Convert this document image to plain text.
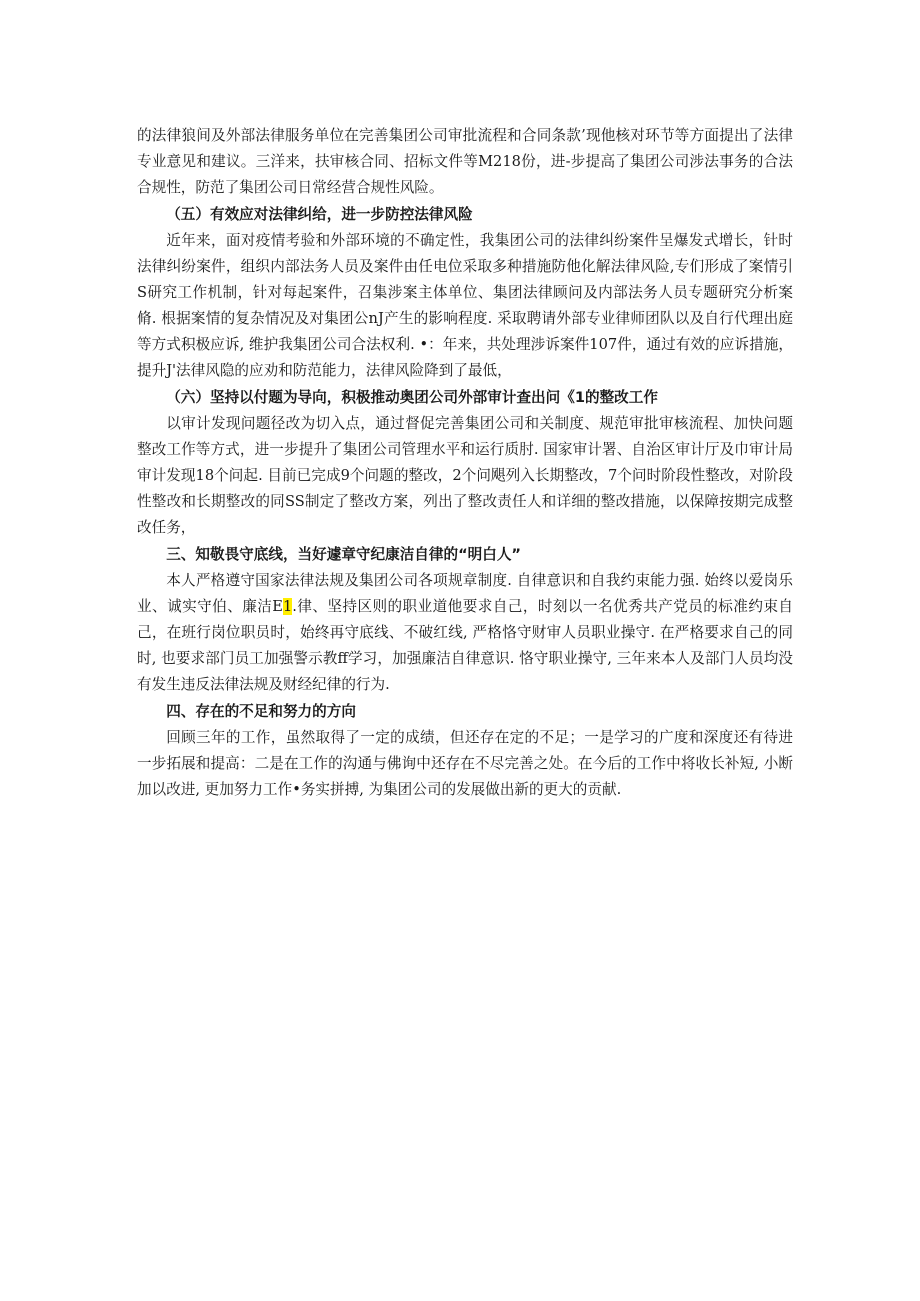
的法律狼间及外部法律服务单位在完善集团公司审批流程和合同条款’现他核对环节等方面提出了法律专业意见和建议。三洋来，扶审核合同、招标文件等M218份，进-步提高了集团公司涉法事务的合法合规性，防范了集团公司日常经营合规性风险。

（五）有效应对法律纠给，进一步防控法律风险

近年来，面对疫情考验和外部环境的不确定性，我集团公司的法律纠纷案件呈爆发式增长，针时法律纠纷案件，组织内部法务人员及案件由任电位采取多种措施防他化解法律风险,专们形成了案情引S研究工作机制，针对每起案件，召集涉案主体单位、集团法律顾问及内部法务人员专题研究分析案脩. 根据案情的复杂情况及对集团公nJ产生的影响程度. 采取聘请外部专业律师团队以及自行代理出庭等方式积极应诉, 维护我集团公司合法权利. •：年来，共处理涉诉案件107件，通过有效的应诉措施，提升J'法律风隐的应劝和防范能力，法律风险降到了最低，

（六）坚持以付题为导向，积极推动奥团公司外部审计查出问《1的整改工作

以审计发现问题径改为切入点，通过督促完善集团公司和关制度、规范审批审核流程、加快问题整改工作等方式，进一步提升了集团公司管理水平和运行质肘. 国家审计署、自治区审计厅及巾审计局审计发现18个问起. 目前已完成9个问题的整改，2个问飓列入长期整改，7个问时阶段性整改，对阶段性整改和长期整改的同SS制定了整改方案，列出了整改责任人和详细的整改措施，以保障按期完成整改任务，

三、知敬畏守底线，当好遽章守纪康洁自律的“明白人”

本人严格遵守国家法律法规及集团公司各项规章制度. 自律意识和自我约束能力强. 始终以爱岗乐业、诚实守伯、廉洁E1.律、坚持区则的职业道他要求自己，时刻以一名优秀共产党员的标准约束自己，在班行岗位职员时，始终再守底线、不破红线, 严格恪守财审人员职业操守. 在严格要求自己的同时, 也要求部门员工加强警示教ff学习，加强廉洁自律意识. 恪守职业操守, 三年来本人及部门人员均没有发生违反法律法规及财经纪律的行为.

四、存在的不足和努力的方向

回顾三年的工作，虽然取得了一定的成绩，但还存在定的不足；一是学习的广度和深度还有待进一步拓展和提高：二是在工作的沟通与佛询中还存在不尽完善之处。在今后的工作中将收长补短, 小断加以改进, 更加努力工作•务实拼搏, 为集团公司的发展做出新的更大的贡献.
